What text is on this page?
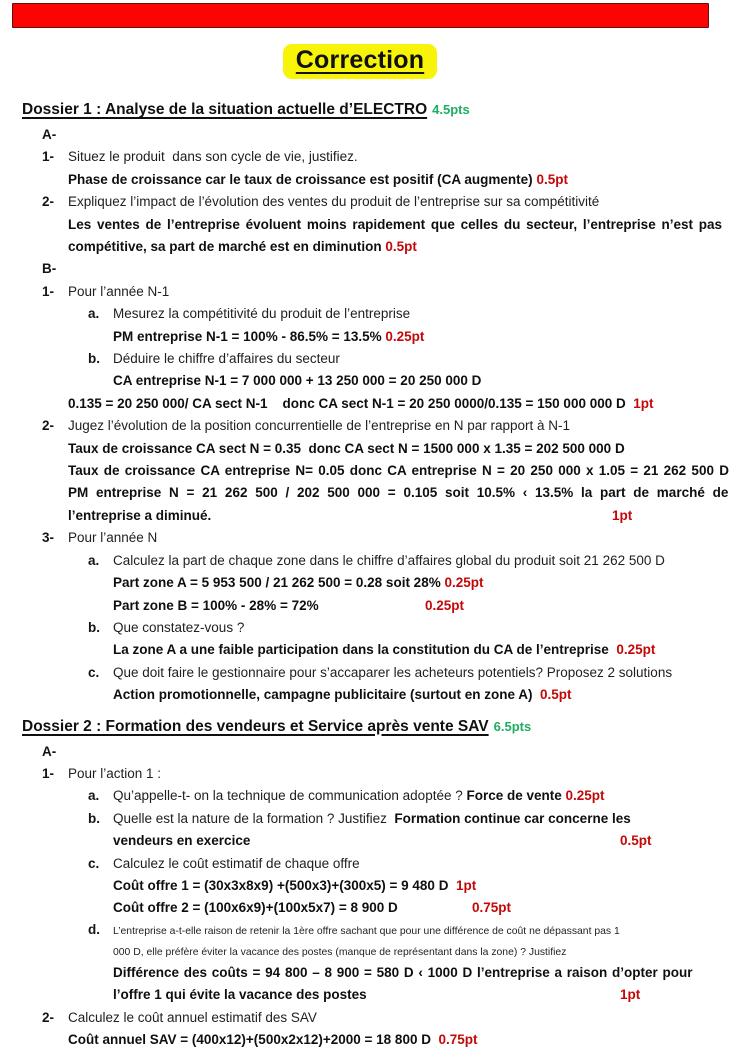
Correction
Dossier 1 : Analyse de la situation actuelle d’ELECTRO 4.5pts
A-
1- Situez le produit  dans son cycle de vie, justifiez.
Phase de croissance car le taux de croissance est positif (CA augmente) 0.5pt
2- Expliquez l’impact de l’évolution des ventes du produit de l’entreprise sur sa compétitivité
Les ventes de l’entreprise évoluent moins rapidement que celles du secteur, l’entreprise n’est pas
compétitive, sa part de marché est en diminution 0.5pt
B-
1- Pour l’année N-1
a. Mesurez la compétitivité du produit de l’entreprise
PM entreprise N-1 = 100% - 86.5% = 13.5% 0.25pt
b. Déduire le chiffre d’affaires du secteur
CA entreprise N-1 = 7 000 000 + 13 250 000 = 20 250 000 D
0.135 = 20 250 000/ CA sect N-1    donc CA sect N-1 = 20 250 0000/0.135 = 150 000 000 D  1pt
2- Jugez l’évolution de la position concurrentielle de l’entreprise en N par rapport à N-1
Taux de croissance CA sect N = 0.35  donc CA sect N = 1500 000 x 1.35 = 202 500 000 D
Taux de croissance CA entreprise N= 0.05 donc CA entreprise N = 20 250 000 x 1.05 = 21 262 500 D
PM entreprise N = 21 262 500 / 202 500 000 = 0.105 soit 10.5% ‹ 13.5% la part de marché de
l’entreprise a diminué.	1pt
3- Pour l’année N
a. Calculez la part de chaque zone dans le chiffre d’affaires global du produit soit 21 262 500 D
Part zone A = 5 953 500 / 21 262 500 = 0.28 soit 28% 0.25pt
Part zone B = 100% - 28% = 72%	0.25pt
b. Que constatez-vous ?
La zone A a une faible participation dans la constitution du CA de l’entreprise  0.25pt
c. Que doit faire le gestionnaire pour s’accaparer les acheteurs potentiels? Proposez 2 solutions
Action promotionnelle, campagne publicitaire (surtout en zone A)  0.5pt
Dossier 2 : Formation des vendeurs et Service après vente SAV 6.5pts
A-
1- Pour l’action 1 :
a. Qu’appelle-t- on la technique de communication adoptée ? Force de vente 0.25pt
b. Quelle est la nature de la formation ? Justifiez  Formation continue car concerne les
vendeurs en exercice	0.5pt
c. Calculez le coût estimatif de chaque offre
Coût offre 1 = (30x3x8x9) +(500x3)+(300x5) = 9 480 D  1pt
Coût offre 2 = (100x6x9)+(100x5x7) = 8 900 D	0.75pt
d. L’entreprise a-t-elle raison de retenir la 1ère offre sachant que pour une différence de coût ne dépassant pas 1
000 D, elle préfère éviter la vacance des postes (manque de représentant dans la zone) ? Justifiez
Différence des coûts = 94 800 – 8 900 = 580 D ‹ 1000 D l’entreprise a raison d’opter pour
l’offre 1 qui évite la vacance des postes	1pt
2- Calculez le coût annuel estimatif des SAV
Coût annuel SAV = (400x12)+(500x2x12)+2000 = 18 800 D  0.75pt
